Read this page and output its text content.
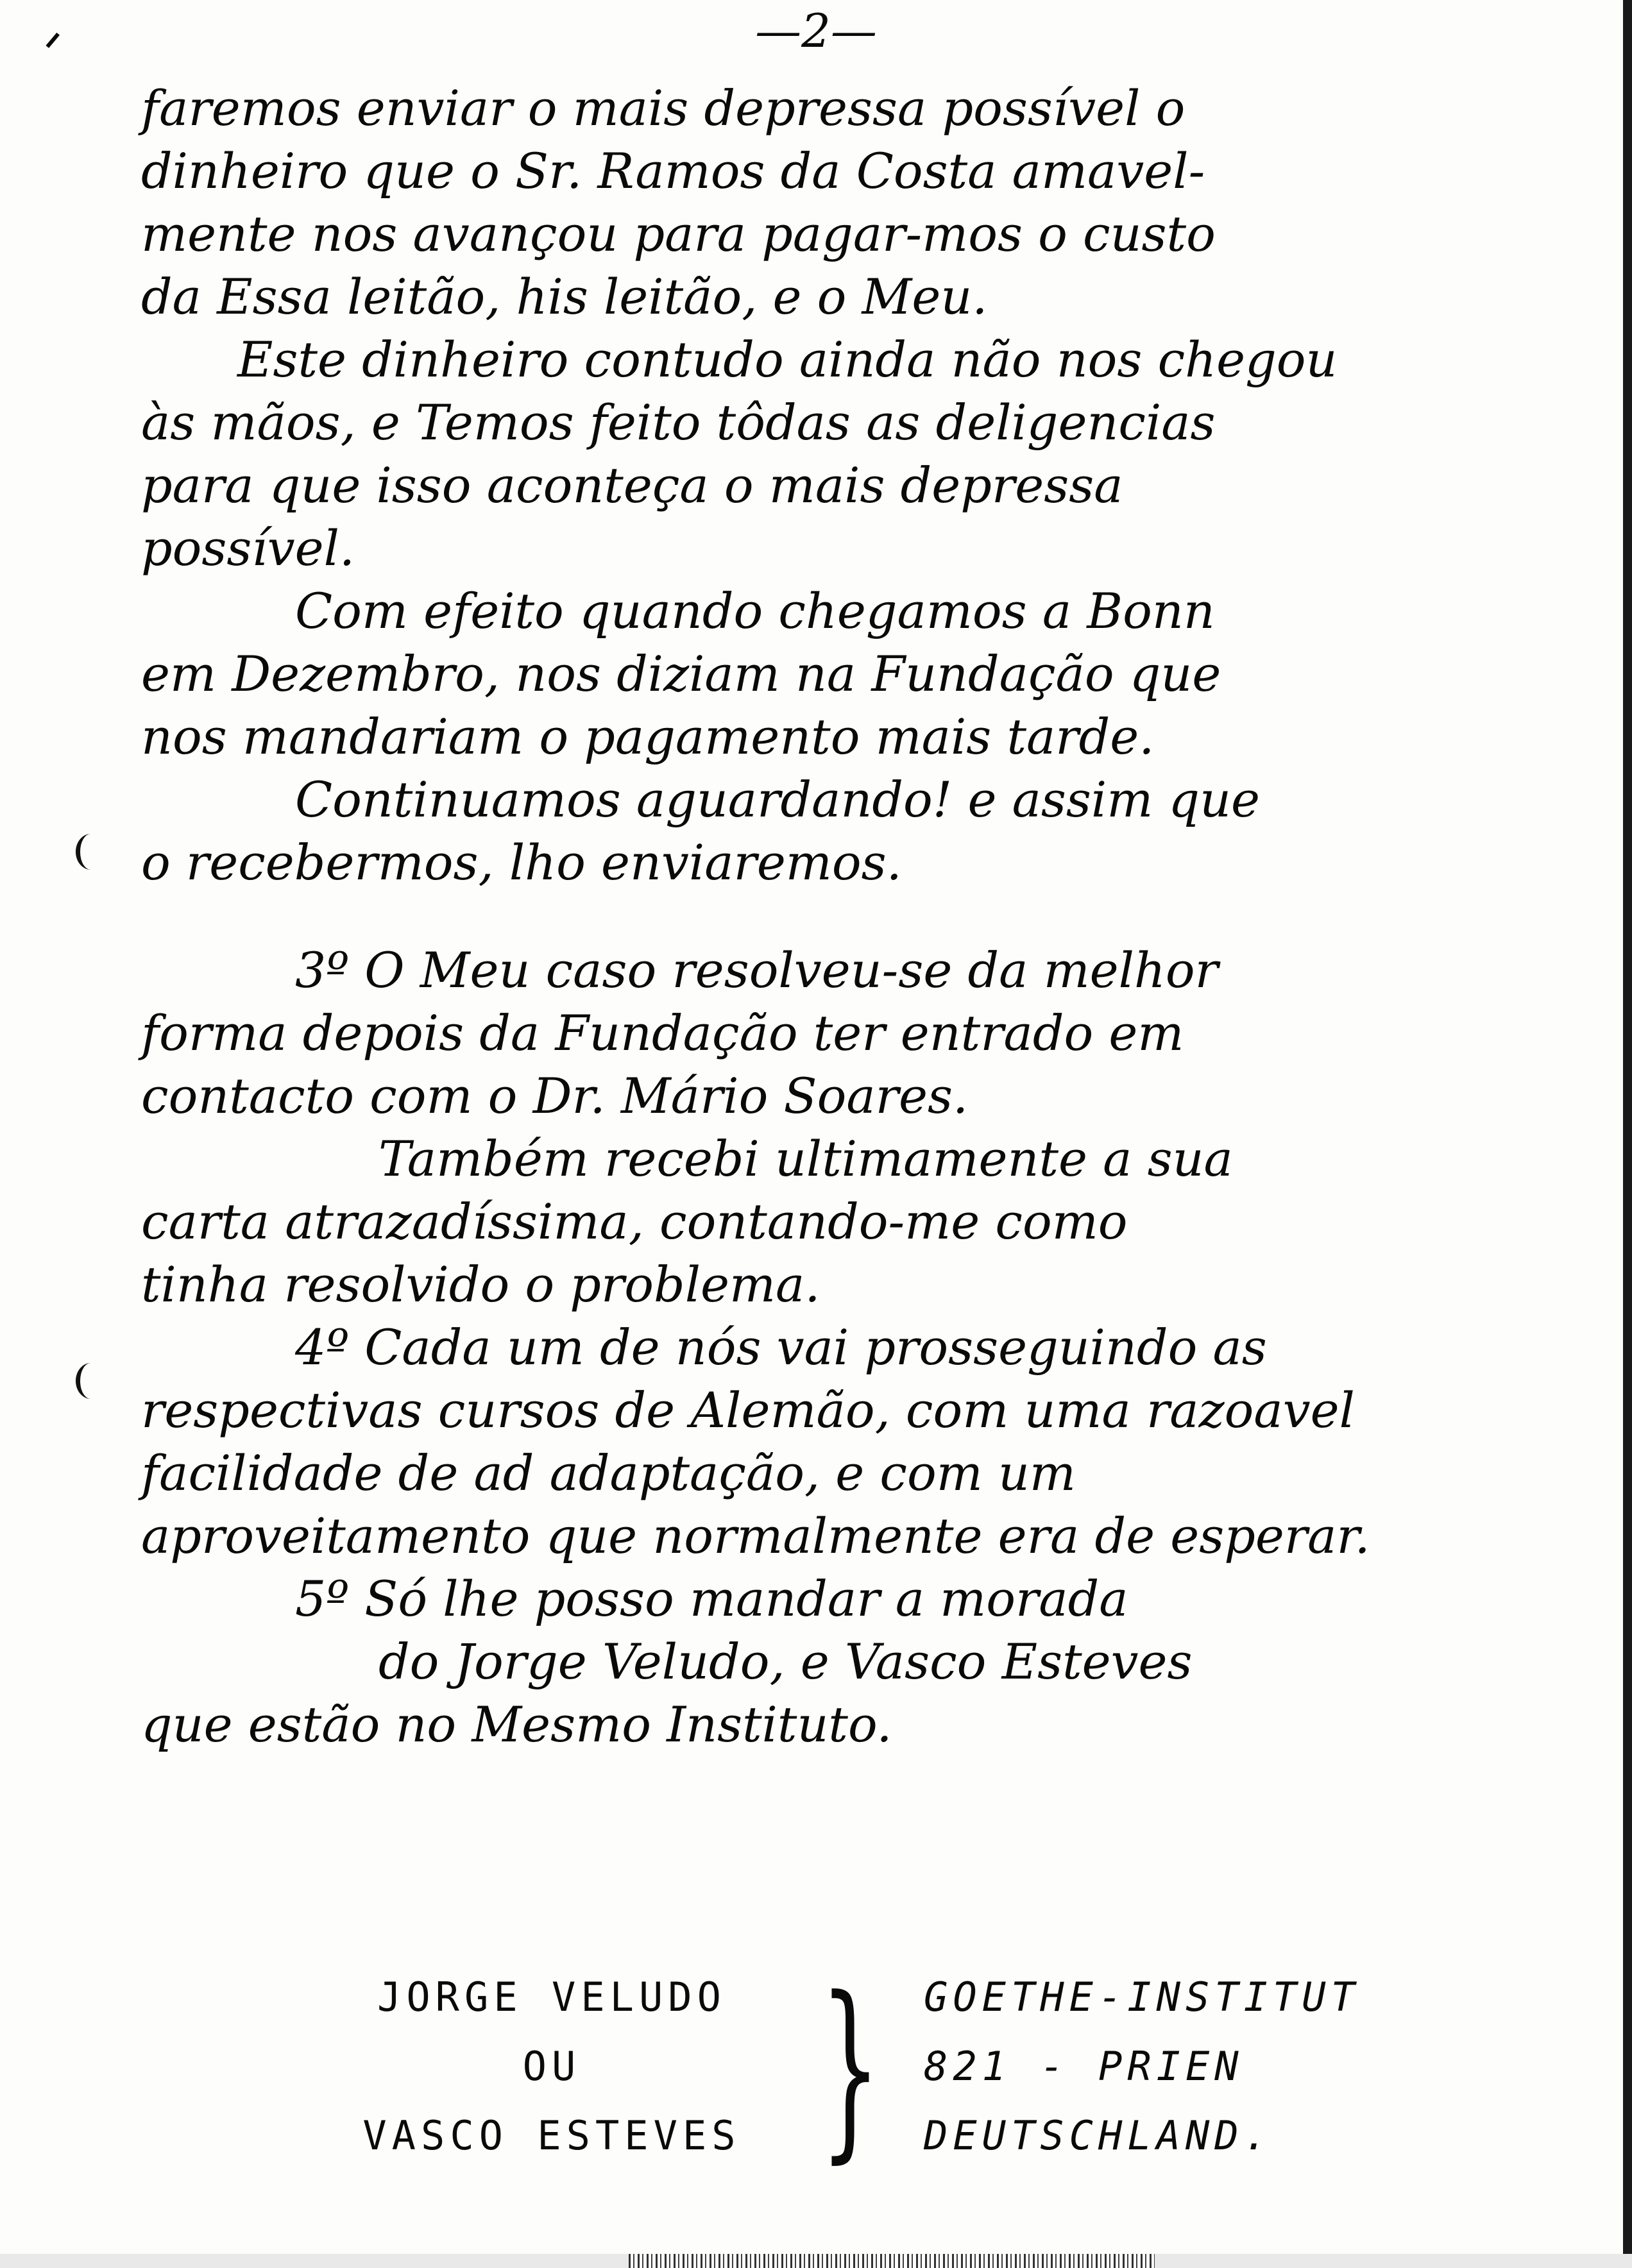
ᐟ	—2—
faremos enviar o mais depressa possível o
dinheiro que o Sr. Ramos da Costa amavel-
mente nos avançou para pagar-mos o custo
da Essa leitão, his leitão, e o Meu.
Este dinheiro contudo ainda não nos chegou
às mãos, e Temos feito tôdas as deligencias
para que isso aconteça o mais depressa
possível.
Com efeito quando chegamos a Bonn
em Dezembro, nos diziam na Fundação que
nos mandariam o pagamento mais tarde.
Continuamos aguardando! e assim que
o recebermos, lho enviaremos.
3º O Meu caso resolveu-se da melhor
forma depois da Fundação ter entrado em
contacto com o Dr. Mário Soares.
Também recebi ultimamente a sua
carta atrazadíssima, contando-me como
tinha resolvido o problema.
4º Cada um de nós vai prosseguindo as
respectivas cursos de Alemão, com uma razoavel
facilidade de ad adaptação, e com um
aproveitamento que normalmente era de esperar.
5º Só lhe posso mandar a morada
do Jorge Veludo, e Vasco Esteves
que estão no Mesmo Instituto.
JORGE VELUDO
OU
VASCO ESTEVES } GOETHE-INSTITUT
821 - PRIEN
DEUTSCHLAND.
